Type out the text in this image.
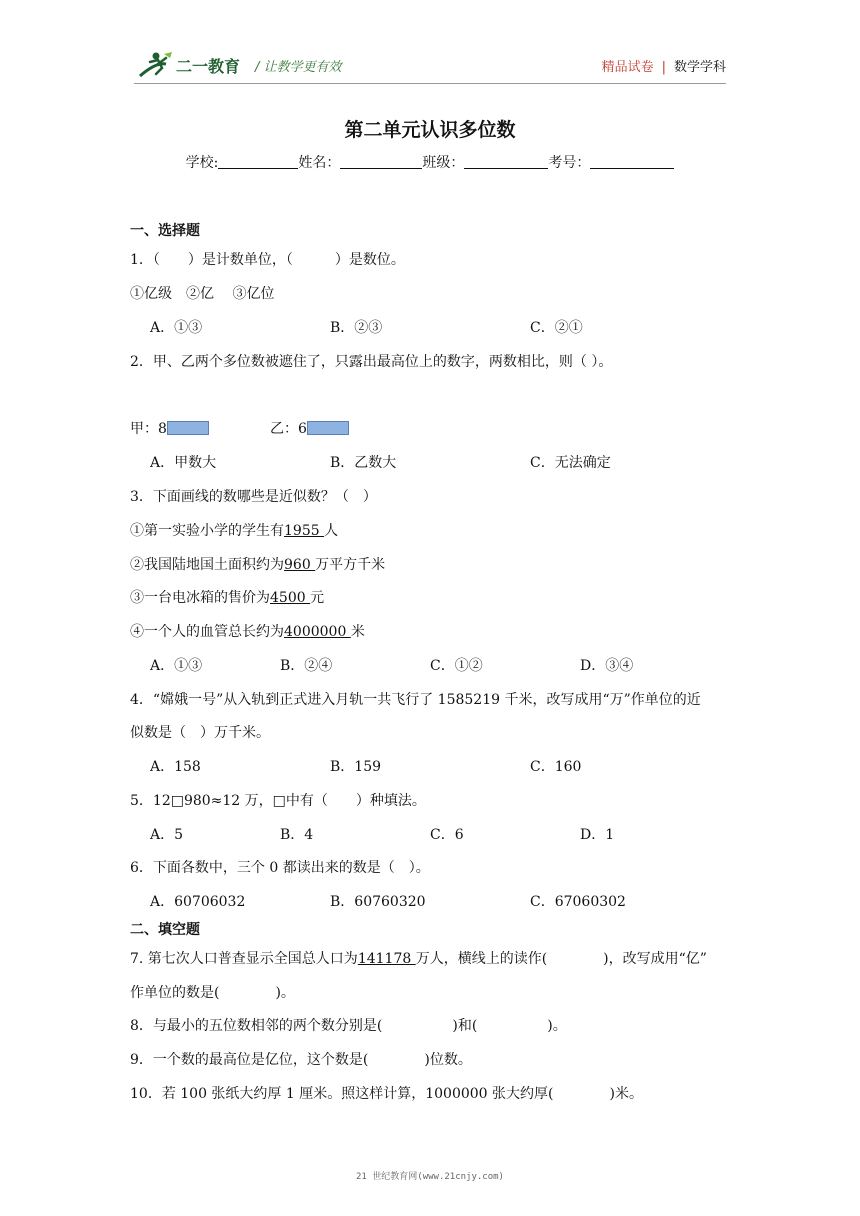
二一教育 / 让教学更有效	精品试卷 | 数学学科
第二单元认识多位数
学校:	姓名：	班级：	考号：
一、选择题
1．（　　）是计数单位，（　　　）是数位。
①亿级　②亿　 ③亿位
A．①③	B．②③	C．②①
2．甲、乙两个多位数被遮住了，只露出最高位上的数字，两数相比，则（ ）。
甲：8	乙：6
A．甲数大	B．乙数大	C．无法确定
3．下面画线的数哪些是近似数？（　）
①第一实验小学的学生有1955 人
②我国陆地国土面积约为960 万平方千米
③一台电冰箱的售价为4500 元
④一个人的血管总长约为4000000 米
A．①③	B．②④	C．①②	D．③④
4．“嫦娥一号”从入轨到正式进入月轨一共飞行了 1585219 千米，改写成用“万”作单位的近
似数是（　）万千米。
A．158	B．159	C．160
5．12□980≈12 万，□中有（　　）种填法。
A．5	B．4	C．6	D．1
6．下面各数中，三个 0 都读出来的数是（　）。
A．60706032	B．60760320	C．67060302
二、填空题
7. 第七次人口普查显示全国总人口为141178 万人，横线上的读作(　　　　)，改写成用“亿”
作单位的数是(　　　　)。
8．与最小的五位数相邻的两个数分别是(　　　　　)和(　　　　　)。
9．一个数的最高位是亿位，这个数是(　　　　)位数。
10．若 100 张纸大约厚 1 厘米。照这样计算，1000000 张大约厚(　　　　)米。
21 世纪教育网(www.21cnjy.com)
